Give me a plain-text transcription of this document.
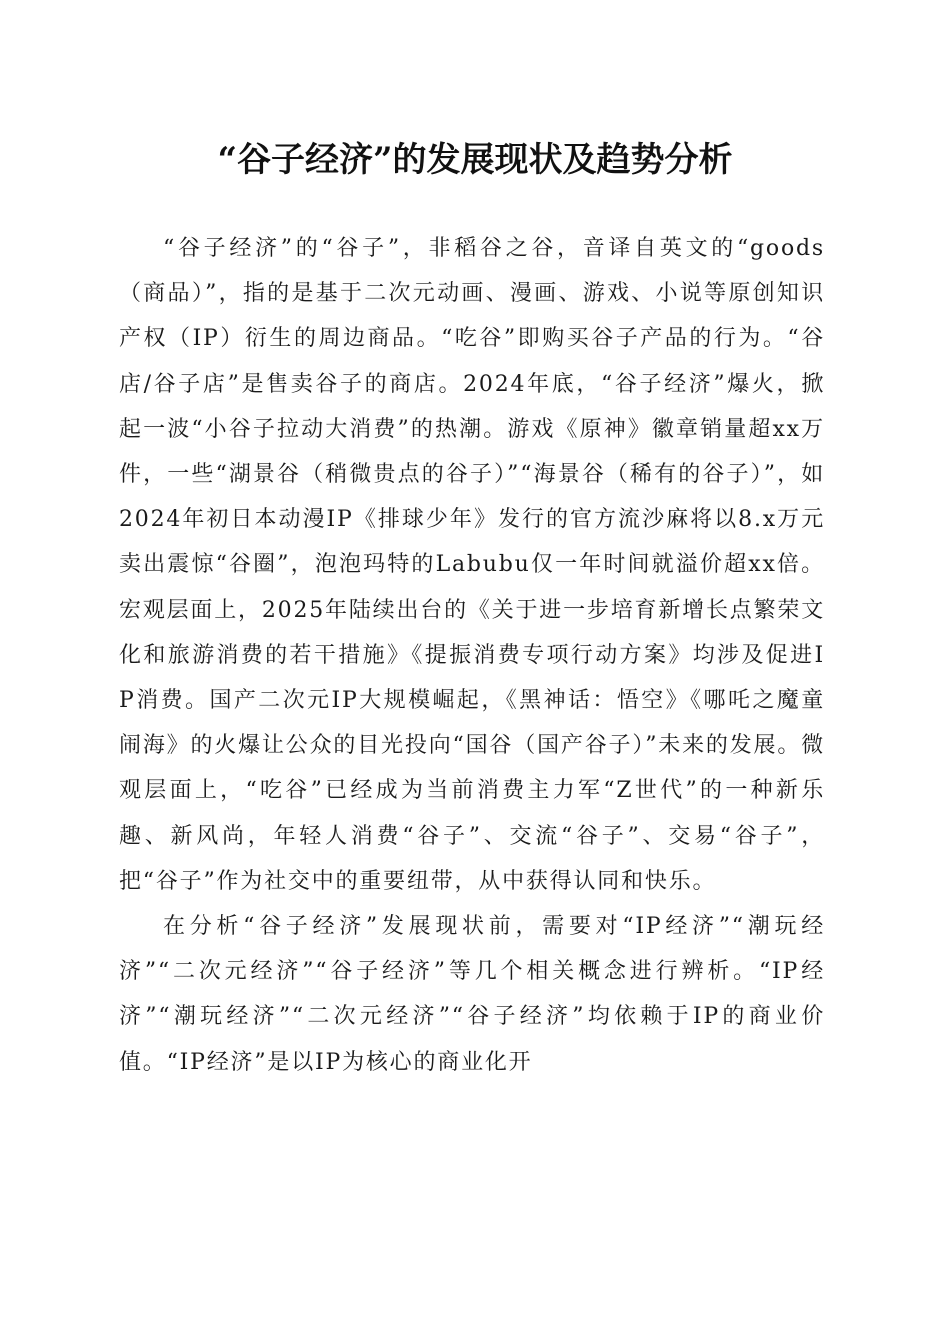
“谷子经济”的发展现状及趋势分析

“谷子经济”的“谷子”，非稻谷之谷，音译自英文的“goods（商品）”，指的是基于二次元动画、漫画、游戏、小说等原创知识产权（IP）衍生的周边商品。“吃谷”即购买谷子产品的行为。“谷店/谷子店”是售卖谷子的商店。2024年底，“谷子经济”爆火，掀起一波“小谷子拉动大消费”的热潮。游戏《原神》徽章销量超xx万件，一些“湖景谷（稍微贵点的谷子）”“海景谷（稀有的谷子）”，如2024年初日本动漫IP《排球少年》发行的官方流沙麻将以8.x万元卖出震惊“谷圈”，泡泡玛特的Labubu仅一年时间就溢价超xx倍。宏观层面上，2025年陆续出台的《关于进一步培育新增长点繁荣文化和旅游消费的若干措施》《提振消费专项行动方案》均涉及促进IP消费。国产二次元IP大规模崛起，《黑神话：悟空》《哪吒之魔童闹海》的火爆让公众的目光投向“国谷（国产谷子）”未来的发展。微观层面上，“吃谷”已经成为当前消费主力军“Z世代”的一种新乐趣、新风尚，年轻人消费“谷子”、交流“谷子”、交易“谷子”，把“谷子”作为社交中的重要纽带，从中获得认同和快乐。

在分析“谷子经济”发展现状前，需要对“IP经济”“潮玩经济”“二次元经济”“谷子经济”等几个相关概念进行辨析。“IP经济”“潮玩经济”“二次元经济”“谷子经济”均依赖于IP的商业价值。“IP经济”是以IP为核心的商业化开
